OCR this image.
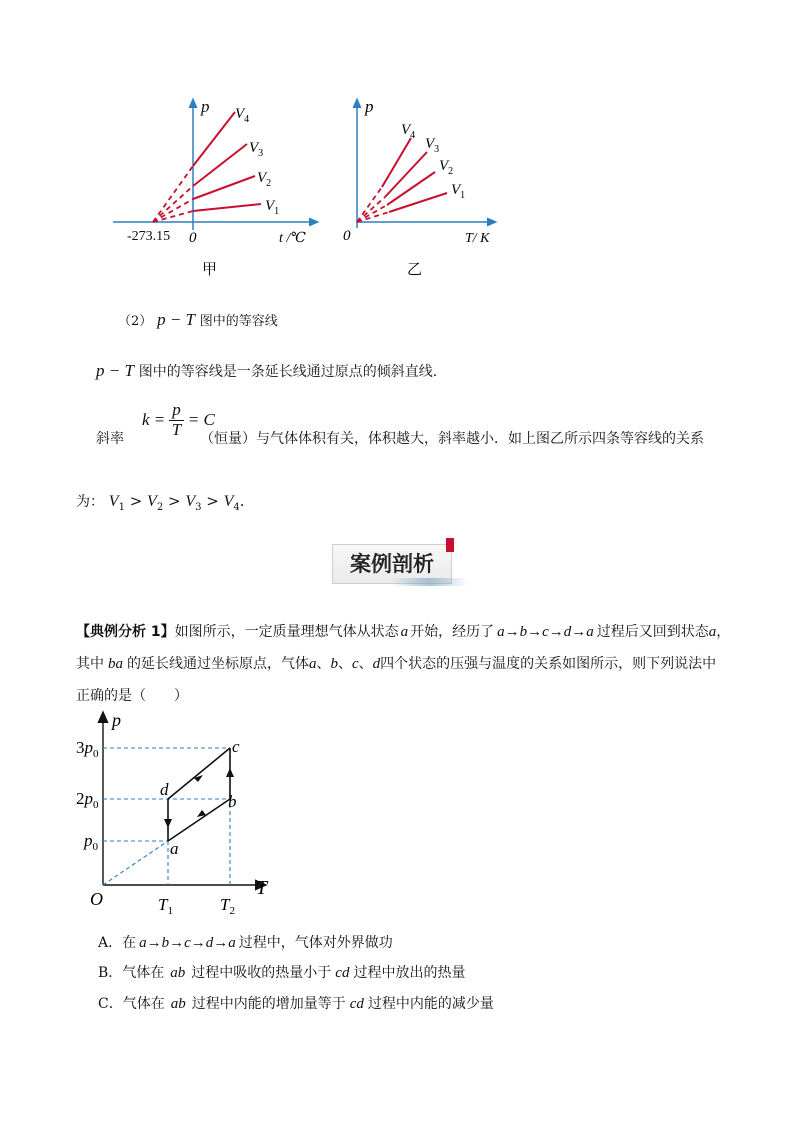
p $V_4$
$V_3$
$V_2$
$V_1$
-273.15 0	t /℃
甲
p
$V_4$
$V_3$
$V_2$
$V_1$
0	T/ K
乙
（2） p − T 图中的等容线
p − T 图中的等容线是一条延长线通过原点的倾斜直线.
$k = \frac{p}{T} = C$
斜率	（恒量）与气体体积有关，体积越大，斜率越小．如上图乙所示四条等容线的关系
为： $V_1 > V_2 > V_3 > V_4$.
案例剖析
【典例分析 1】如图所示，一定质量理想气体从状态 a 开始，经历了 a→b→c→d→a 过程后又回到状态a，
其中 ba 的延长线通过坐标原点，气体a、b、c、d四个状态的压强与温度的关系如图所示，则下列说法中
正确的是（　　）
p
T
O
$3p_0$
$2p_0$
$p_0$
$T_1$	$T_2$
a
b
c
d
A．在 a→b→c→d→a 过程中，气体对外界做功
B．气体在 ab 过程中吸收的热量小于 cd 过程中放出的热量
C．气体在 ab 过程中内能的增加量等于 cd 过程中内能的减少量
